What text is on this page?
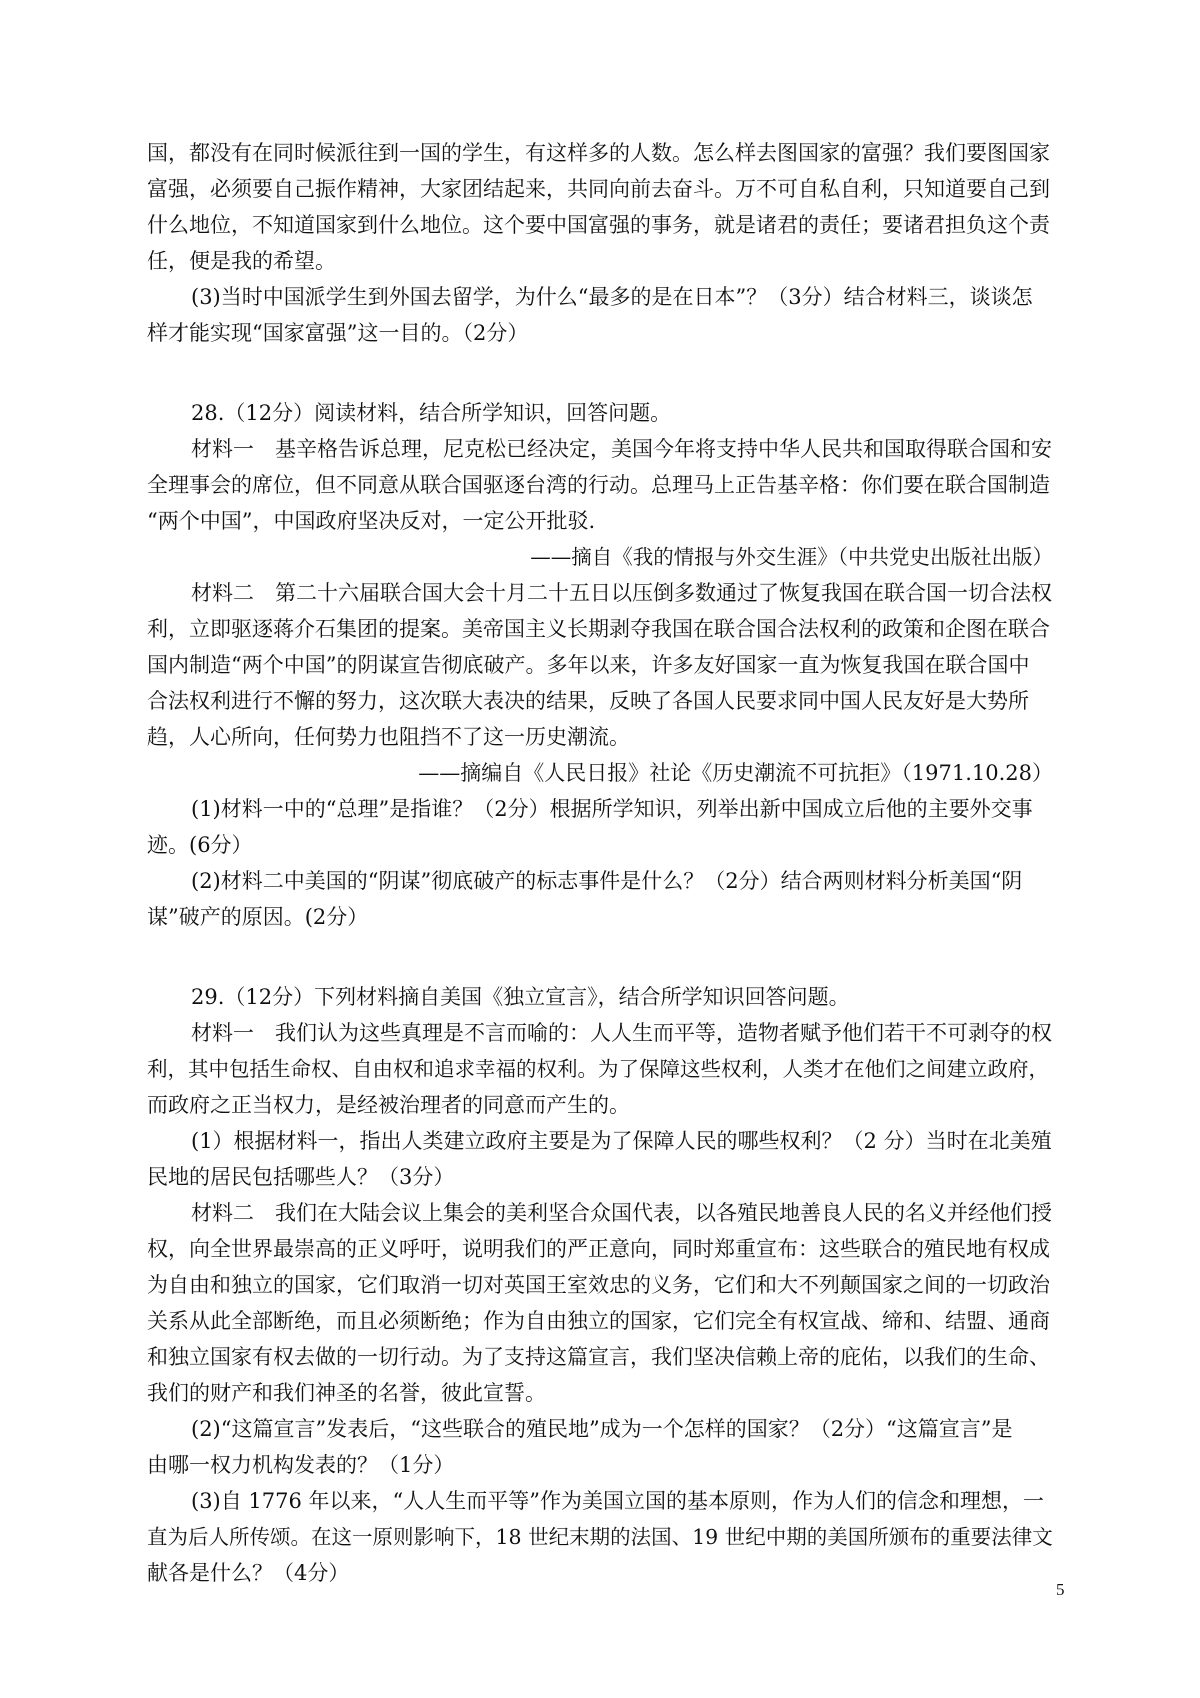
国，都没有在同时候派往到一国的学生，有这样多的人数。怎么样去图国家的富强？我们要图国家
富强，必须要自己振作精神，大家团结起来，共同向前去奋斗。万不可自私自利，只知道要自己到
什么地位，不知道国家到什么地位。这个要中国富强的事务，就是诸君的责任；要诸君担负这个责
任，便是我的希望。
(3)当时中国派学生到外国去留学，为什么“最多的是在日本”？（3分）结合材料三，谈谈怎
样才能实现“国家富强”这一目的。（2分）
28.（12分）阅读材料，结合所学知识，回答问题。
材料一　基辛格告诉总理，尼克松已经决定，美国今年将支持中华人民共和国取得联合国和安
全理事会的席位，但不同意从联合国驱逐台湾的行动。总理马上正告基辛格：你们要在联合国制造
“两个中国”，中国政府坚决反对，一定公开批驳.
——摘自《我的情报与外交生涯》（中共党史出版社出版）
材料二　第二十六届联合国大会十月二十五日以压倒多数通过了恢复我国在联合国一切合法权
利，立即驱逐蒋介石集团的提案。美帝国主义长期剥夺我国在联合国合法权利的政策和企图在联合
国内制造“两个中国”的阴谋宣告彻底破产。多年以来，许多友好国家一直为恢复我国在联合国中
合法权利进行不懈的努力，这次联大表决的结果，反映了各国人民要求同中国人民友好是大势所
趋，人心所向，任何势力也阻挡不了这一历史潮流。
——摘编自《人民日报》社论《历史潮流不可抗拒》（1971.10.28）
(1)材料一中的“总理”是指谁？（2分）根据所学知识，列举出新中国成立后他的主要外交事
迹。(6分）
(2)材料二中美国的“阴谋”彻底破产的标志事件是什么？（2分）结合两则材料分析美国“阴
谋”破产的原因。(2分）
29.（12分）下列材料摘自美国《独立宣言》，结合所学知识回答问题。
材料一　我们认为这些真理是不言而喻的：人人生而平等，造物者赋予他们若干不可剥夺的权
利，其中包括生命权、自由权和追求幸福的权利。为了保障这些权利，人类才在他们之间建立政府，
而政府之正当权力，是经被治理者的同意而产生的。
(1）根据材料一，指出人类建立政府主要是为了保障人民的哪些权利？（2 分）当时在北美殖
民地的居民包括哪些人？（3分）
材料二　我们在大陆会议上集会的美利坚合众国代表，以各殖民地善良人民的名义并经他们授
权，向全世界最崇高的正义呼吁，说明我们的严正意向，同时郑重宣布：这些联合的殖民地有权成
为自由和独立的国家，它们取消一切对英国王室效忠的义务，它们和大不列颠国家之间的一切政治
关系从此全部断绝，而且必须断绝；作为自由独立的国家，它们完全有权宣战、缔和、结盟、通商
和独立国家有权去做的一切行动。为了支持这篇宣言，我们坚决信赖上帝的庇佑，以我们的生命、
我们的财产和我们神圣的名誉，彼此宣誓。
(2)“这篇宣言”发表后，“这些联合的殖民地”成为一个怎样的国家？（2分）“这篇宣言”是
由哪一权力机构发表的？（1分）
(3)自 1776 年以来，“人人生而平等”作为美国立国的基本原则，作为人们的信念和理想，一
直为后人所传颂。在这一原则影响下，18 世纪末期的法国、19 世纪中期的美国所颁布的重要法律文
献各是什么？（4分）
5
